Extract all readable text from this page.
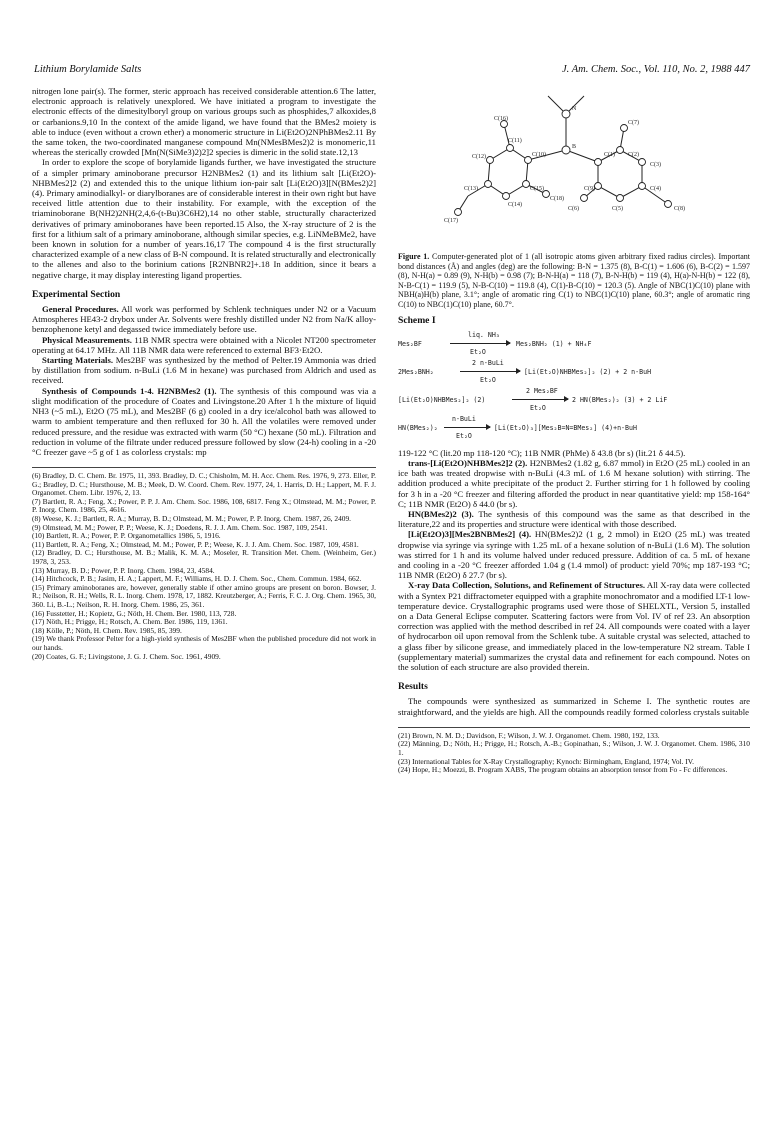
Lithium Borylamide Salts	J. Am. Chem. Soc., Vol. 110, No. 2, 1988 447

nitrogen lone pair(s). The former, steric approach has received considerable attention.6 The latter, electronic approach is relatively unexplored. We have initiated a program to investigate the electronic effects of the dimesitylboryl group on various groups such as phosphides,7 alkoxides,8 or carbanions.9,10 In the context of the amide ligand, we have found that the BMes2 moiety is able to induce (even without a crown ether) a monomeric structure in Li(Et2O)2NPhBMes2.11 By the same token, the two-coordinated manganese compound Mn(NMesBMes2)2 is monomeric,11 whereas the sterically crowded [Mn(N(SiMe3)2)2]2 species is dimeric in the solid state.12,13

In order to explore the scope of borylamide ligands further, we have investigated the structure of a simpler primary aminoborane precursor H2NBMes2 (1) and its lithium salt [Li(Et2O)-NHBMes2]2 (2) and extended this to the unique lithium ion-pair salt [Li(Et2O)3][N(BMes2)2] (4). Primary aminodialkyl- or diarylboranes are of considerable interest in their own right but have received little attention due to their instability. For example, with the exception of the triaminoborane B(NH2)2NH(2,4,6-(t-Bu)3C6H2),14 no other stable, structurally characterized derivatives of primary aminoboranes have been reported.15 Also, the X-ray structure of 2 is the first for a lithium salt of a primary aminoborane, although similar species, e.g. LiNMeBMe2, have been known in solution for a number of years.16,17 The compound 4 is the first structurally characterized example of a new class of B-N compound. It is related structurally and electronically to the allenes and also to the borinium cations [R2NBNR2]+.18 In addition, since it bears a negative charge, it may display interesting ligand properties.

Experimental Section

General Procedures. All work was performed by Schlenk techniques under N2 or a Vacuum Atmospheres HE43-2 drybox under Ar. Solvents were freshly distilled under N2 from Na/K alloy-benzophenone ketyl and degassed twice immediately before use.

Physical Measurements. 11B NMR spectra were obtained with a Nicolet NT200 spectrometer operating at 64.17 MHz. All 11B NMR data were referenced to external BF3·Et2O.

Starting Materials. Mes2BF was synthesized by the method of Pelter.19 Ammonia was dried by distillation from sodium. n-BuLi (1.6 M in hexane) was purchased from Aldrich and used as received.

Synthesis of Compounds 1-4. H2NBMes2 (1). The synthesis of this compound was via a slight modification of the procedure of Coates and Livingstone.20 After 1 h the mixture of liquid NH3 (~5 mL), Et2O (75 mL), and Mes2BF (6 g) cooled in a dry ice/alcohol bath was allowed to warm to ambient temperature and then refluxed for 30 h. All the volatiles were removed under reduced pressure, and the residue was extracted with warm (50 °C) hexane (50 mL). Filtration and reduction in volume of the filtrate under reduced pressure followed by slow (24-h) cooling in a -20 °C freezer gave ~5 g of 1 as colorless crystals: mp

(6) Bradley, D. C. Chem. Br. 1975, 11, 393. Bradley, D. C.; Chisholm, M. H. Acc. Chem. Res. 1976, 9, 273. Eller, P. G.; Bradley, D. C.; Hursthouse, M. B.; Meek, D. W. Coord. Chem. Rev. 1977, 24, 1. Harris, D. H.; Lappert, M. F. J. Organomet. Chem. Libr. 1976, 2, 13.
(7) Bartlett, R. A.; Feng, X.; Power, P. P. J. Am. Chem. Soc. 1986, 108, 6817. Feng X.; Olmstead, M. M.; Power, P. P. Inorg. Chem. 1986, 25, 4616.
(8) Weese, K. J.; Bartlett, R. A.; Murray, B. D.; Olmstead, M. M.; Power, P. P. Inorg. Chem. 1987, 26, 2409.
(9) Olmstead, M. M.; Power, P. P.; Weese, K. J.; Doedens, R. J. J. Am. Chem. Soc. 1987, 109, 2541.
(10) Bartlett, R. A.; Power, P. P. Organometallics 1986, 5, 1916.
(11) Bartlett, R. A.; Feng, X.; Olmstead, M. M.; Power, P. P.; Weese, K. J. J. Am. Chem. Soc. 1987, 109, 4581.
(12) Bradley, D. C.; Hursthouse, M. B.; Malik, K. M. A.; Moseler, R. Transition Met. Chem. (Weinheim, Ger.) 1978, 3, 253.
(13) Murray, B. D.; Power, P. P. Inorg. Chem. 1984, 23, 4584.
(14) Hitchcock, P. B.; Jasim, H. A.; Lappert, M. F.; Williams, H. D. J. Chem. Soc., Chem. Commun. 1984, 662.
(15) Primary aminoboranes are, however, generally stable if other amino groups are present on boron. Bowser, J. R.; Neilson, R. H.; Wells, R. L. Inorg. Chem. 1978, 17, 1882. Kreutzberger, A.; Ferris, F. C. J. Org. Chem. 1965, 30, 360. Li, B.-L.; Neilson, R. H. Inorg. Chem. 1986, 25, 361.
(16) Fusstetter, H.; Kopietz, G.; Nöth, H. Chem. Ber. 1980, 113, 728.
(17) Nöth, H.; Prigge, H.; Rotsch, A. Chem. Ber. 1986, 119, 1361.
(18) Kölle, P.; Nöth, H. Chem. Rev. 1985, 85, 399.
(19) We thank Professor Pelter for a high-yield synthesis of Mes2BF when the published procedure did not work in our hands.
(20) Coates, G. F.; Livingstone, J. G. J. Chem. Soc. 1961, 4909.
C(16)
C(11)
C(10)
C(12)
C(13)	C(15)
C(18)
C(14)
C(17)
C(1)
C(7)
C(2)
C(3)
C(4)
C(8)
C(5)
C(6)
C(9)
B
N
Figure 1. Computer-generated plot of 1 (all isotropic atoms given arbitrary fixed radius circles). Important bond distances (Å) and angles (deg) are the following: B-N = 1.375 (8), B-C(1) = 1.606 (6), B-C(2) = 1.597 (8), N-H(a) = 0.89 (9), N-H(b) = 0.98 (7); B-N-H(a) = 118 (7), B-N-H(b) = 119 (4), H(a)-N-H(b) = 122 (8), N-B-C(1) = 119.9 (5), N-B-C(10) = 119.8 (4), C(1)-B-C(10) = 120.3 (5). Angle of NBC(1)C(10) plane with NBH(a)H(b) plane, 3.1°; angle of aromatic ring C(1) to NBC(1)C(10) plane, 60.3°; angle of aromatic ring C(10) to NBC(1)C(10) plane, 60.7°.
Scheme I
Mes₂BF
liq. NH₃
Et₂O
Mes₂BNH₂ (1) + NH₄F
2Mes₂BNH₂
2 n-BuLi
Et₂O
[Li(Et₂O)NHBMes₂]₂ (2) + 2 n-BuH
[Li(Et₂O)NHBMes₂]₂ (2)
2 Mes₂BF
Et₂O
2 HN(BMes₂)₂ (3) + 2 LiF
HN(BMes₂)₂
n-BuLi
Et₂O
[Li(Et₂O)₃][Mes₂B=N=BMes₂] (4)+n-BuH

119-122 °C (lit.20 mp 118-120 °C); 11B NMR (PhMe) δ 43.8 (br s) (lit.21 δ 44.5).

trans-[Li(Et2O)NHBMes2]2 (2). H2NBMes2 (1.82 g, 6.87 mmol) in Et2O (25 mL) cooled in an ice bath was treated dropwise with n-BuLi (4.3 mL of 1.6 M hexane solution) with stirring. The addition produced a white precipitate of the product 2. Further stirring for 1 h followed by cooling for 3 h in a -20 °C freezer and filtering afforded the product in near quantitative yield: mp 158-164° C; 11B NMR (Et2O) δ 44.0 (br s).

HN(BMes2)2 (3). The synthesis of this compound was the same as that described in the literature,22 and its properties and structure were identical with those described.

[Li(Et2O)3][Mes2BNBMes2] (4). HN(BMes2)2 (1 g, 2 mmol) in Et2O (25 mL) was treated dropwise via syringe via syringe with 1.25 mL of a hexane solution of n-BuLi (1.6 M). The solution was stirred for 1 h and its volume halved under reduced pressure. Addition of ca. 5 mL of hexane and cooling in a -20 °C freezer afforded 1.04 g (1.4 mmol) of product: yield 70%; mp 187-193 °C; 11B NMR (Et2O) δ 27.7 (br s).

X-ray Data Collection, Solutions, and Refinement of Structures. All X-ray data were collected with a Syntex P21 diffractometer equipped with a graphite monochromator and a modified LT-1 low-temperature device. Crystallographic programs used were those of SHELXTL, Version 5, installed on a Data General Eclipse computer. Scattering factors were from Vol. IV of ref 23. An absorption correction was applied with the method described in ref 24. All compounds were coated with a layer of hydrocarbon oil upon removal from the Schlenk tube. A suitable crystal was selected, attached to a glass fiber by silicone grease, and immediately placed in the low-temperature N2 stream. Table I (supplementary material) summarizes the crystal data and refinement for each compound. Notes on the solution of each structure are also provided therein.

Results

The compounds were synthesized as summarized in Scheme I. The synthetic routes are straightforward, and the yields are high. All the compounds readily formed colorless crystals suitable

(21) Brown, N. M. D.; Davidson, F.; Wilson, J. W. J. Organomet. Chem. 1980, 192, 133.
(22) Männing, D.; Nöth, H.; Prigge, H.; Rotsch, A.-B.; Gopinathan, S.; Wilson, J. W. J. Organomet. Chem. 1986, 310 1.
(23) International Tables for X-Ray Crystallography; Kynoch: Birmingham, England, 1974; Vol. IV.
(24) Hope, H.; Moezzi, B. Program XABS, The program obtains an absorption tensor from Fo - Fc differences.
